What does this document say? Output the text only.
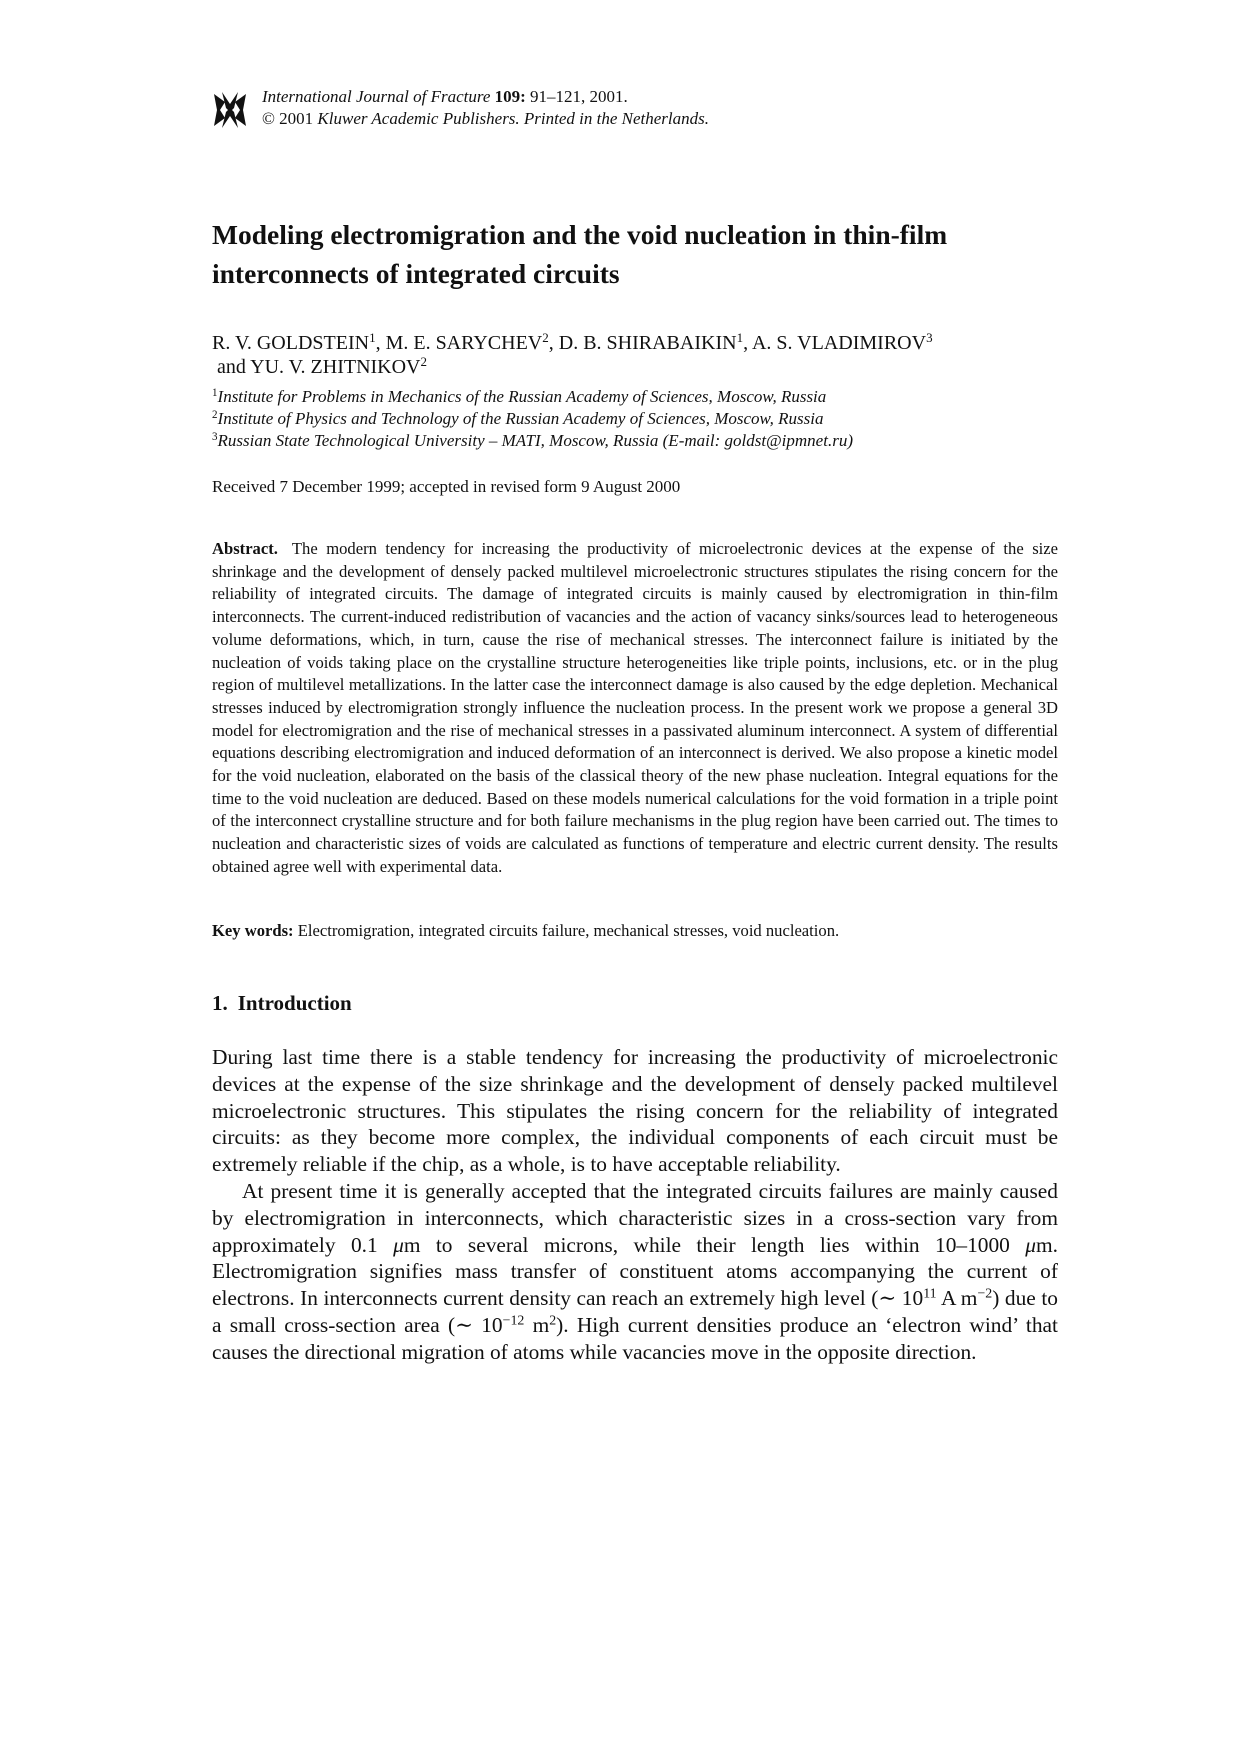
International Journal of Fracture 109: 91–121, 2001.
© 2001 Kluwer Academic Publishers. Printed in the Netherlands.
Modeling electromigration and the void nucleation in thin-film interconnects of integrated circuits

R. V. GOLDSTEIN$^1$, M. E. SARYCHEV$^2$, D. B. SHIRABAIKIN$^1$, A. S. VLADIMIROV$^3$
and YU. V. ZHITNIKOV$^2$

$^1$Institute for Problems in Mechanics of the Russian Academy of Sciences, Moscow, Russia
$^2$Institute of Physics and Technology of the Russian Academy of Sciences, Moscow, Russia
$^3$Russian State Technological University – MATI, Moscow, Russia (E-mail: goldst@ipmnet.ru)
Received 7 December 1999; accepted in revised form 9 August 2000

Abstract. The modern tendency for increasing the productivity of microelectronic devices at the expense of the size shrinkage and the development of densely packed multilevel microelectronic structures stipulates the rising concern for the reliability of integrated circuits. The damage of integrated circuits is mainly caused by electromigration in thin-film interconnects. The current-induced redistribution of vacancies and the action of vacancy sinks/sources lead to heterogeneous volume deformations, which, in turn, cause the rise of mechanical stresses. The interconnect failure is initiated by the nucleation of voids taking place on the crystalline structure heterogeneities like triple points, inclusions, etc. or in the plug region of multilevel metallizations. In the latter case the interconnect damage is also caused by the edge depletion. Mechanical stresses induced by electromigration strongly influence the nucleation process. In the present work we propose a general 3D model for electromigration and the rise of mechanical stresses in a passivated aluminum interconnect. A system of differential equations describing electromigration and induced deformation of an interconnect is derived. We also propose a kinetic model for the void nucleation, elaborated on the basis of the classical theory of the new phase nucleation. Integral equations for the time to the void nucleation are deduced. Based on these models numerical calculations for the void formation in a triple point of the interconnect crystalline structure and for both failure mechanisms in the plug region have been carried out. The times to nucleation and characteristic sizes of voids are calculated as functions of temperature and electric current density. The results obtained agree well with experimental data.

Key words: Electromigration, integrated circuits failure, mechanical stresses, void nucleation.
1. Introduction

During last time there is a stable tendency for increasing the productivity of microelectronic devices at the expense of the size shrinkage and the development of densely packed multilevel microelectronic structures. This stipulates the rising concern for the reliability of integrated circuits: as they become more complex, the individual components of each circuit must be extremely reliable if the chip, as a whole, is to have acceptable reliability.

At present time it is generally accepted that the integrated circuits failures are mainly caused by electromigration in interconnects, which characteristic sizes in a cross-section vary from approximately 0.1 μm to several microns, while their length lies within 10–1000 μm. Electromigration signifies mass transfer of constituent atoms accompanying the current of electrons. In interconnects current density can reach an extremely high level (∼ $10^{11}$ A $m^{-2}$) due to a small cross-section area (∼ $10^{-12}$ $m^2$). High current densities produce an ‘electron wind’ that causes the directional migration of atoms while vacancies move in the opposite direction.
